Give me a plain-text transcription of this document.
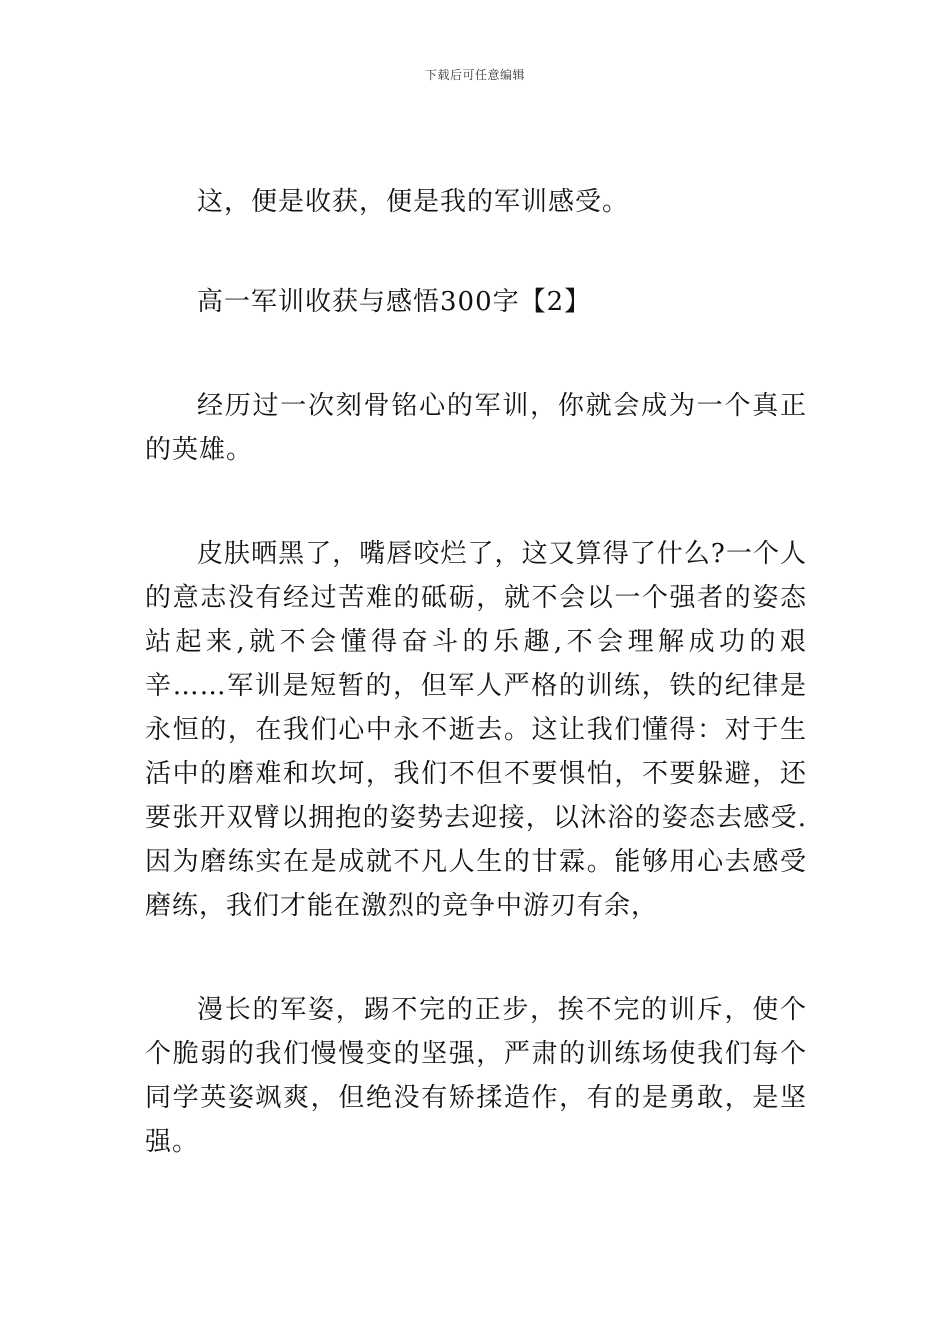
下载后可任意编辑

这，便是收获，便是我的军训感受。

高一军训收获与感悟300字【2】

经历过一次刻骨铭心的军训，你就会成为一个真正的英雄。

皮肤晒黑了，嘴唇咬烂了，这又算得了什么?一个人的意志没有经过苦难的砥砺，就不会以一个强者的姿态站起来,就不会懂得奋斗的乐趣,不会理解成功的艰辛……军训是短暂的，但军人严格的训练，铁的纪律是永恒的，在我们心中永不逝去。这让我们懂得：对于生活中的磨难和坎坷，我们不但不要惧怕，不要躲避，还要张开双臂以拥抱的姿势去迎接，以沐浴的姿态去感受.因为磨练实在是成就不凡人生的甘霖。能够用心去感受磨练，我们才能在激烈的竞争中游刃有余，

漫长的军姿，踢不完的正步，挨不完的训斥，使个个脆弱的我们慢慢变的坚强，严肃的训练场使我们每个同学英姿飒爽，但绝没有矫揉造作，有的是勇敢，是坚强。
